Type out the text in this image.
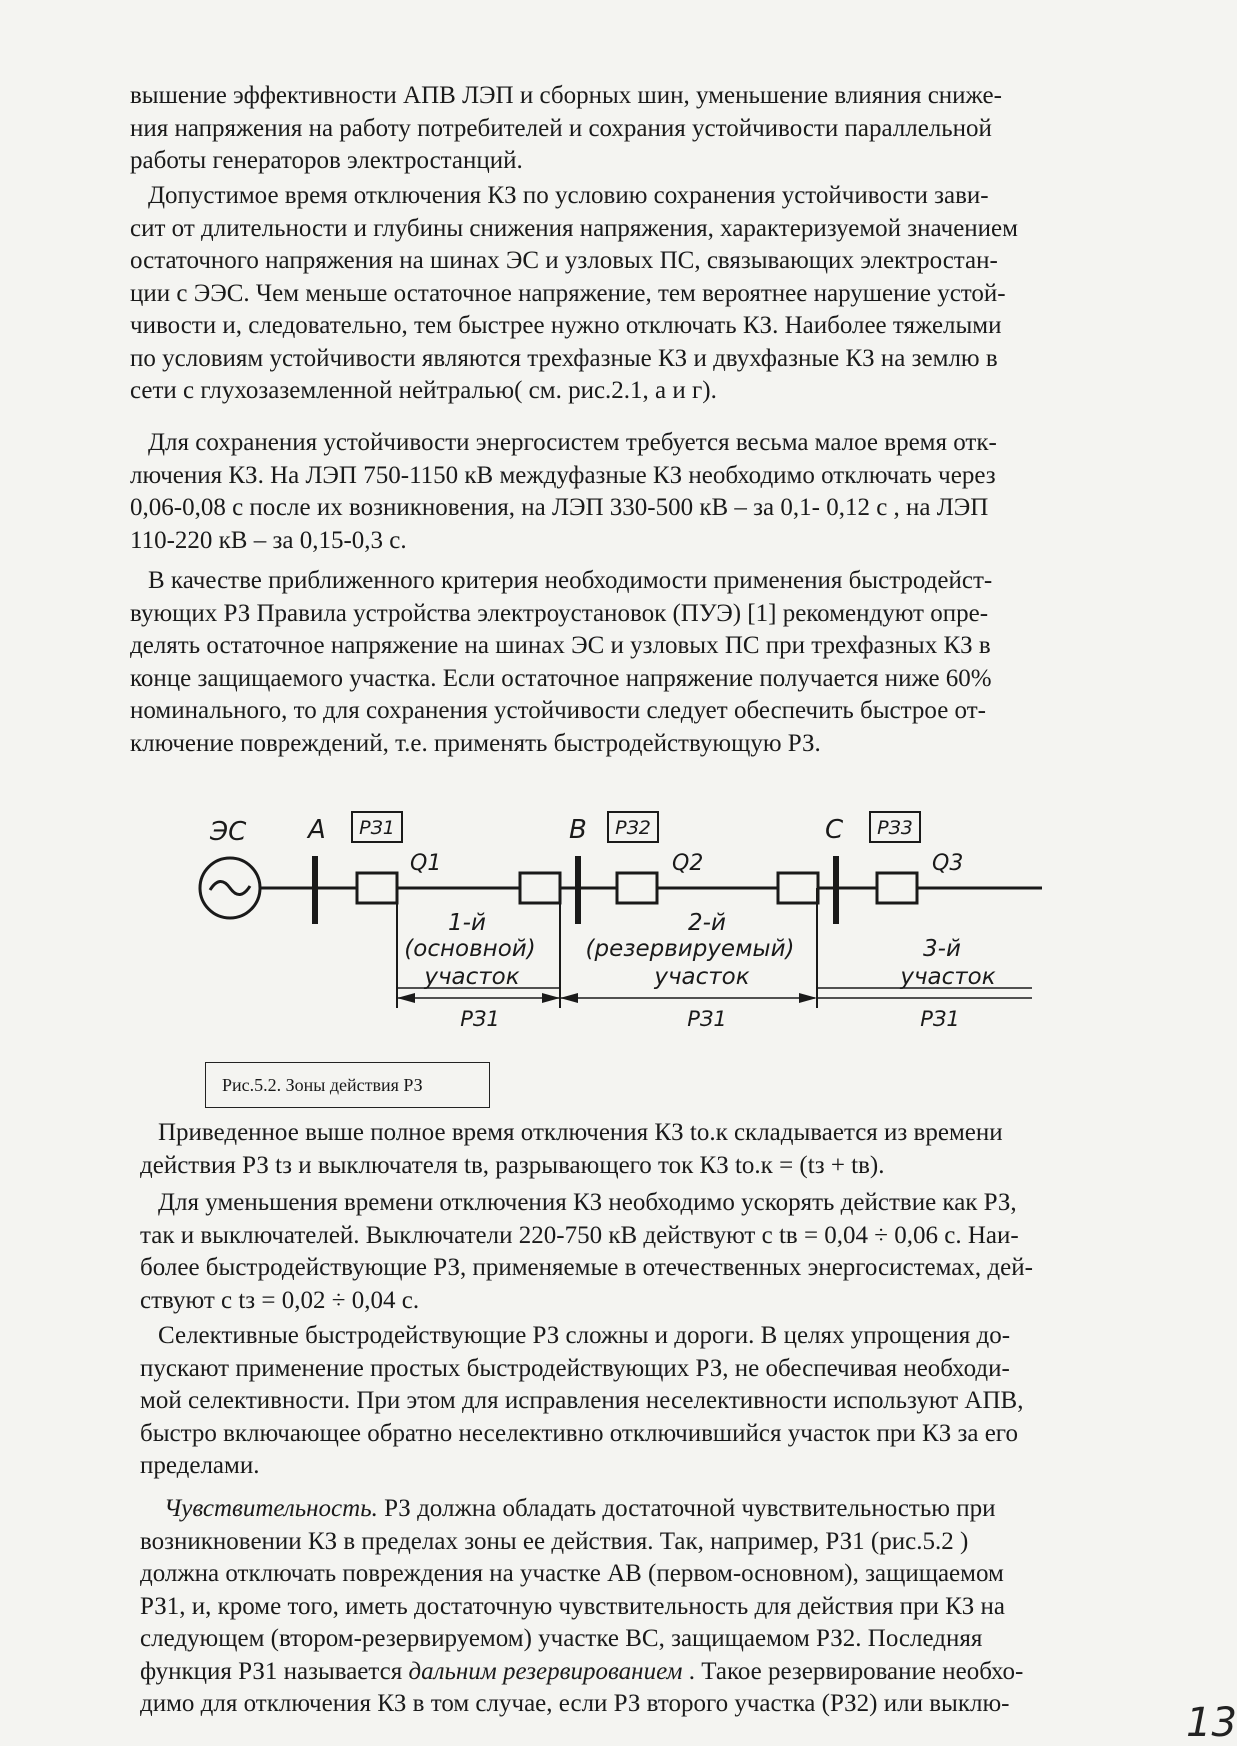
вышение эффективности АПВ ЛЭП и сборных шин, уменьшение влияния сниже-
ния напряжения на работу потребителей и сохрания устойчивости параллельной
работы генераторов электростанций.
Допустимое время отключения КЗ по условию сохранения устойчивости зави-
сит от длительности и глубины снижения напряжения, характеризуемой значением
остаточного напряжения на шинах ЭС и узловых ПС, связывающих электростан-
ции с ЭЭС. Чем меньше остаточное напряжение, тем вероятнее нарушение устой-
чивости и, следовательно, тем быстрее нужно отключать КЗ. Наиболее тяжелыми
по условиям устойчивости являются трехфазные КЗ и двухфазные КЗ на землю в
сети с глухозаземленной нейтралью( см. рис.2.1, а и г).
Для сохранения устойчивости энергосистем требуется весьма малое время отк-
лючения КЗ. На ЛЭП 750-1150 кВ междуфазные КЗ необходимо отключать через
0,06-0,08 с после их возникновения, на ЛЭП 330-500 кВ – за 0,1- 0,12 с , на ЛЭП
110-220 кВ – за 0,15-0,3 с.
В качестве приближенного критерия необходимости применения быстродейст-
вующих РЗ Правила устройства электроустановок (ПУЭ) [1] рекомендуют опре-
делять остаточное напряжение на шинах ЭС и узловых ПС при трехфазных КЗ в
конце защищаемого участка. Если остаточное напряжение получается ниже 60%
номинального, то для сохранения устойчивости следует обеспечить быстрое от-
ключение повреждений, т.е. применять быстродействующую РЗ.
ЭС А	В	С
Q1	Q2	Q3
РЗ1	РЗ2	РЗ3
1-й
(основной)
участок
2-й
(резервируемый)
участок
3-й
участок
РЗ1	РЗ1	РЗ1
Рис.5.2. Зоны действия РЗ
Приведенное выше полное время отключения КЗ tо.к складывается из времени
действия РЗ tз и выключателя tв, разрывающего ток КЗ tо.к = (tз + tв).
Для уменьшения времени отключения КЗ необходимо ускорять действие как РЗ,
так и выключателей. Выключатели 220-750 кВ действуют с tв = 0,04 ÷ 0,06 с. Наи-
более быстродействующие РЗ, применяемые в отечественных энергосистемах, дей-
ствуют с tз = 0,02 ÷ 0,04 с.
Селективные быстродействующие РЗ сложны и дороги. В целях упрощения до-
пускают применение простых быстродействующих РЗ, не обеспечивая необходи-
мой селективности. При этом для исправления неселективности используют АПВ,
быстро включающее обратно неселективно отключившийся участок при КЗ за его
пределами.
Чувствительность. РЗ должна обладать достаточной чувствительностью при
возникновении КЗ в пределах зоны ее действия. Так, например, РЗ1 (рис.5.2 )
должна отключать повреждения на участке АВ (первом-основном), защищаемом
РЗ1, и, кроме того, иметь достаточную чувствительность для действия при КЗ на
следующем (втором-резервируемом) участке ВС, защищаемом РЗ2. Последняя
функция РЗ1 называется дальним резервированием . Такое резервирование необхо-
димо для отключения КЗ в том случае, если РЗ второго участка (РЗ2) или выклю-	13
